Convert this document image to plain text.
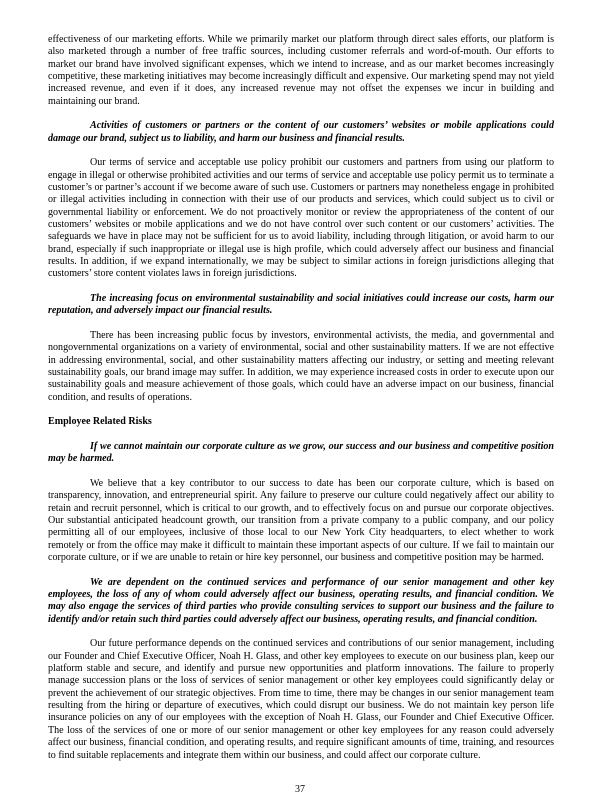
effectiveness of our marketing efforts. While we primarily market our platform through direct sales efforts, our platform is also marketed through a number of free traffic sources, including customer referrals and word-of-mouth. Our efforts to market our brand have involved significant expenses, which we intend to increase, and as our market becomes increasingly competitive, these marketing initiatives may become increasingly difficult and expensive. Our marketing spend may not yield increased revenue, and even if it does, any increased revenue may not offset the expenses we incur in building and maintaining our brand.

Activities of customers or partners or the content of our customers’ websites or mobile applications could damage our brand, subject us to liability, and harm our business and financial results.

Our terms of service and acceptable use policy prohibit our customers and partners from using our platform to engage in illegal or otherwise prohibited activities and our terms of service and acceptable use policy permit us to terminate a customer’s or partner’s account if we become aware of such use. Customers or partners may nonetheless engage in prohibited or illegal activities including in connection with their use of our products and services, which could subject us to civil or governmental liability or enforcement. We do not proactively monitor or review the appropriateness of the content of our customers’ websites or mobile applications and we do not have control over such content or our customers’ activities. The safeguards we have in place may not be sufficient for us to avoid liability, including through litigation, or avoid harm to our brand, especially if such inappropriate or illegal use is high profile, which could adversely affect our business and financial results. In addition, if we expand internationally, we may be subject to similar actions in foreign jurisdictions alleging that customers’ store content violates laws in foreign jurisdictions.

The increasing focus on environmental sustainability and social initiatives could increase our costs, harm our reputation, and adversely impact our financial results.

There has been increasing public focus by investors, environmental activists, the media, and governmental and nongovernmental organizations on a variety of environmental, social and other sustainability matters. If we are not effective in addressing environmental, social, and other sustainability matters affecting our industry, or setting and meeting relevant sustainability goals, our brand image may suffer. In addition, we may experience increased costs in order to execute upon our sustainability goals and measure achievement of those goals, which could have an adverse impact on our business, financial condition, and results of operations.

Employee Related Risks

If we cannot maintain our corporate culture as we grow, our success and our business and competitive position may be harmed.

We believe that a key contributor to our success to date has been our corporate culture, which is based on transparency, innovation, and entrepreneurial spirit. Any failure to preserve our culture could negatively affect our ability to retain and recruit personnel, which is critical to our growth, and to effectively focus on and pursue our corporate objectives. Our substantial anticipated headcount growth, our transition from a private company to a public company, and our policy permitting all of our employees, inclusive of those local to our New York City headquarters, to elect whether to work remotely or from the office may make it difficult to maintain these important aspects of our culture. If we fail to maintain our corporate culture, or if we are unable to retain or hire key personnel, our business and competitive position may be harmed.

We are dependent on the continued services and performance of our senior management and other key employees, the loss of any of whom could adversely affect our business, operating results, and financial condition. We may also engage the services of third parties who provide consulting services to support our business and the failure to identify and/or retain such third parties could adversely affect our business, operating results, and financial condition.

Our future performance depends on the continued services and contributions of our senior management, including our Founder and Chief Executive Officer, Noah H. Glass, and other key employees to execute on our business plan, keep our platform stable and secure, and identify and pursue new opportunities and platform innovations. The failure to properly manage succession plans or the loss of services of senior management or other key employees could significantly delay or prevent the achievement of our strategic objectives. From time to time, there may be changes in our senior management team resulting from the hiring or departure of executives, which could disrupt our business. We do not maintain key person life insurance policies on any of our employees with the exception of Noah H. Glass, our Founder and Chief Executive Officer. The loss of the services of one or more of our senior management or other key employees for any reason could adversely affect our business, financial condition, and operating results, and require significant amounts of time, training, and resources to find suitable replacements and integrate them within our business, and could affect our corporate culture.

37
